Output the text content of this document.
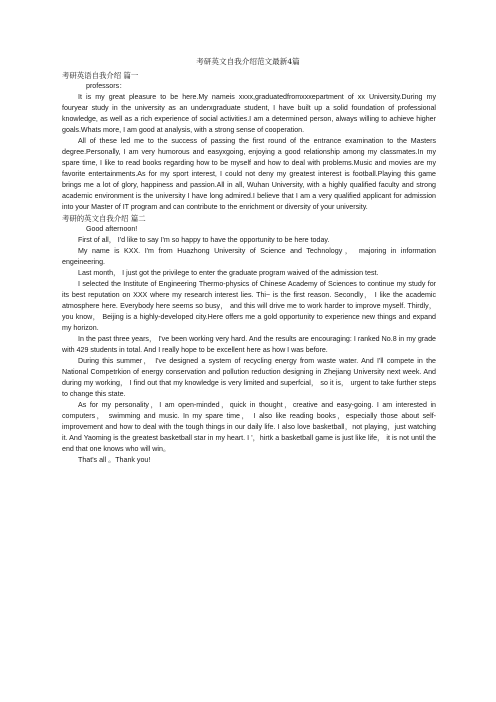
考研英文自我介绍范文最新4篇

考研英语自我介绍 篇一

professors：

It is my great pleasure to be here.My nameis xxxx,graduatedfromxxxepartment of xx University.During my fouryear study in the university as an underxgraduate student, I have built up a solid foundation of professional knowledge, as well as a rich experience of social activities.I am a determined person, always willing to achieve higher goals.Whats more, I am good at analysis, with a strong sense of cooperation.

All of these led me to the success of passing the first round of the entrance examination to the Masters degree.Personally, I am very humorous and easyxgoing, enjoying a good relationship among my classmates.In my spare time, I like to read books regarding how to be myself and how to deal with problems.Music and movies are my favorite entertainments.As for my sport interest, I could not deny my greatest interest is football.Playing this game brings me a lot of glory, happiness and passion.All in all, Wuhan University, with a highly qualified faculty and strong academic environment is the university I have long admired.I believe that I am a very qualified applicant for admission into your Master of IT program and can contribute to the enrichment or diversity of your university.

考研的英文自我介绍 篇二

Good afternoon!

First of all， I'd like to say I'm so happy to have the opportunity to be here today.

My name is KXX. I'm from Huazhong University of Science and Technology， majoring in information engeineering.

Last month， I just got the privilege to enter the graduate program waived of the admission test.

I selected the Institute of Engineering Thermo-physics of Chinese Academy of Sciences to continue my study for its best reputation on XXX where my research interest lies. Thi~ is the first reason. Secondly， I like the academic atmosphere here. Everybody here seems so busy， and this will drive me to work harder to improve myself. Thirdly， you know， Beijing is a highly-developed city.Here offers me a gold opportunity to experience new things and expand my horizon.

In the past three years， I've been working very hard. And the results are encouraging: I ranked No.8 in my grade with 429 students in total. And I really hope to be excellent here as how I was before.

During this summer， I've designed a system of recycling energy from waste water. And I'll compete in the National Competrkion of energy conservation and pollution reduction designing in Zhejiang University next week. And during my working， I find out that my knowledge is very limited and superfcial， so it is， urgent to take further steps to change this state.

As for my personality，I am open-minded，quick in thought，creative and easy-going. I am interested in computers， swimming and music. In my spare time， I also like reading books，especially those about self-improvement and how to deal with the tough things in our daily life. I also love basketball，not playing，just watching it. And Yaoming is the greatest basketball star in my heart. I '，hirtk a basketball game is just like life， it is not until the end that one knows who will win。

That's all 。Thank you!
